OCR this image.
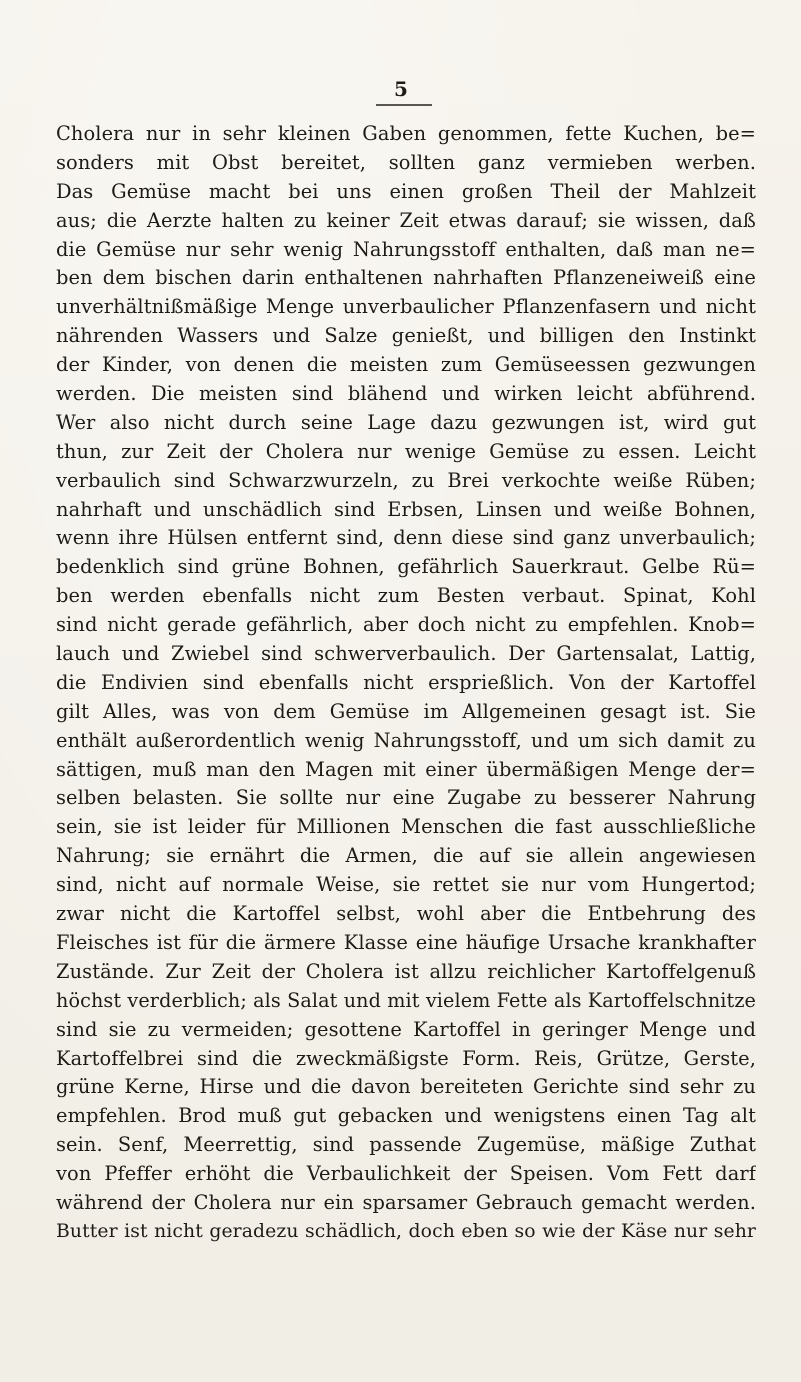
5
Cholera nur in sehr kleinen Gaben genommen, fette Kuchen, be=
sonders mit Obst bereitet, sollten ganz vermieben werben.
Das Gemüse macht bei uns einen großen Theil der Mahlzeit
aus; die Aerzte halten zu keiner Zeit etwas darauf; sie wissen, daß
die Gemüse nur sehr wenig Nahrungsstoff enthalten, daß man ne=
ben dem bischen darin enthaltenen nahrhaften Pflanzeneiweiß eine
unverhältnißmäßige Menge unverbaulicher Pflanzenfasern und nicht
nährenden Wassers und Salze genießt, und billigen den Instinkt
der Kinder, von denen die meisten zum Gemüseessen gezwungen
werden. Die meisten sind blähend und wirken leicht abführend.
Wer also nicht durch seine Lage dazu gezwungen ist, wird gut
thun, zur Zeit der Cholera nur wenige Gemüse zu essen. Leicht
verbaulich sind Schwarzwurzeln, zu Brei verkochte weiße Rüben;
nahrhaft und unschädlich sind Erbsen, Linsen und weiße Bohnen,
wenn ihre Hülsen entfernt sind, denn diese sind ganz unverbaulich;
bedenklich sind grüne Bohnen, gefährlich Sauerkraut. Gelbe Rü=
ben werden ebenfalls nicht zum Besten verbaut. Spinat, Kohl
sind nicht gerade gefährlich, aber doch nicht zu empfehlen. Knob=
lauch und Zwiebel sind schwerverbaulich. Der Gartensalat, Lattig,
die Endivien sind ebenfalls nicht ersprießlich. Von der Kartoffel
gilt Alles, was von dem Gemüse im Allgemeinen gesagt ist. Sie
enthält außerordentlich wenig Nahrungsstoff, und um sich damit zu
sättigen, muß man den Magen mit einer übermäßigen Menge der=
selben belasten. Sie sollte nur eine Zugabe zu besserer Nahrung
sein, sie ist leider für Millionen Menschen die fast ausschließliche
Nahrung; sie ernährt die Armen, die auf sie allein angewiesen
sind, nicht auf normale Weise, sie rettet sie nur vom Hungertod;
zwar nicht die Kartoffel selbst, wohl aber die Entbehrung des
Fleisches ist für die ärmere Klasse eine häufige Ursache krankhafter
Zustände. Zur Zeit der Cholera ist allzu reichlicher Kartoffelgenuß
höchst verderblich; als Salat und mit vielem Fette als Kartoffelschnitze
sind sie zu vermeiden; gesottene Kartoffel in geringer Menge und
Kartoffelbrei sind die zweckmäßigste Form. Reis, Grütze, Gerste,
grüne Kerne, Hirse und die davon bereiteten Gerichte sind sehr zu
empfehlen. Brod muß gut gebacken und wenigstens einen Tag alt
sein. Senf, Meerrettig, sind passende Zugemüse, mäßige Zuthat
von Pfeffer erhöht die Verbaulichkeit der Speisen. Vom Fett darf
während der Cholera nur ein sparsamer Gebrauch gemacht werden.
Butter ist nicht geradezu schädlich, doch eben so wie der Käse nur sehr
